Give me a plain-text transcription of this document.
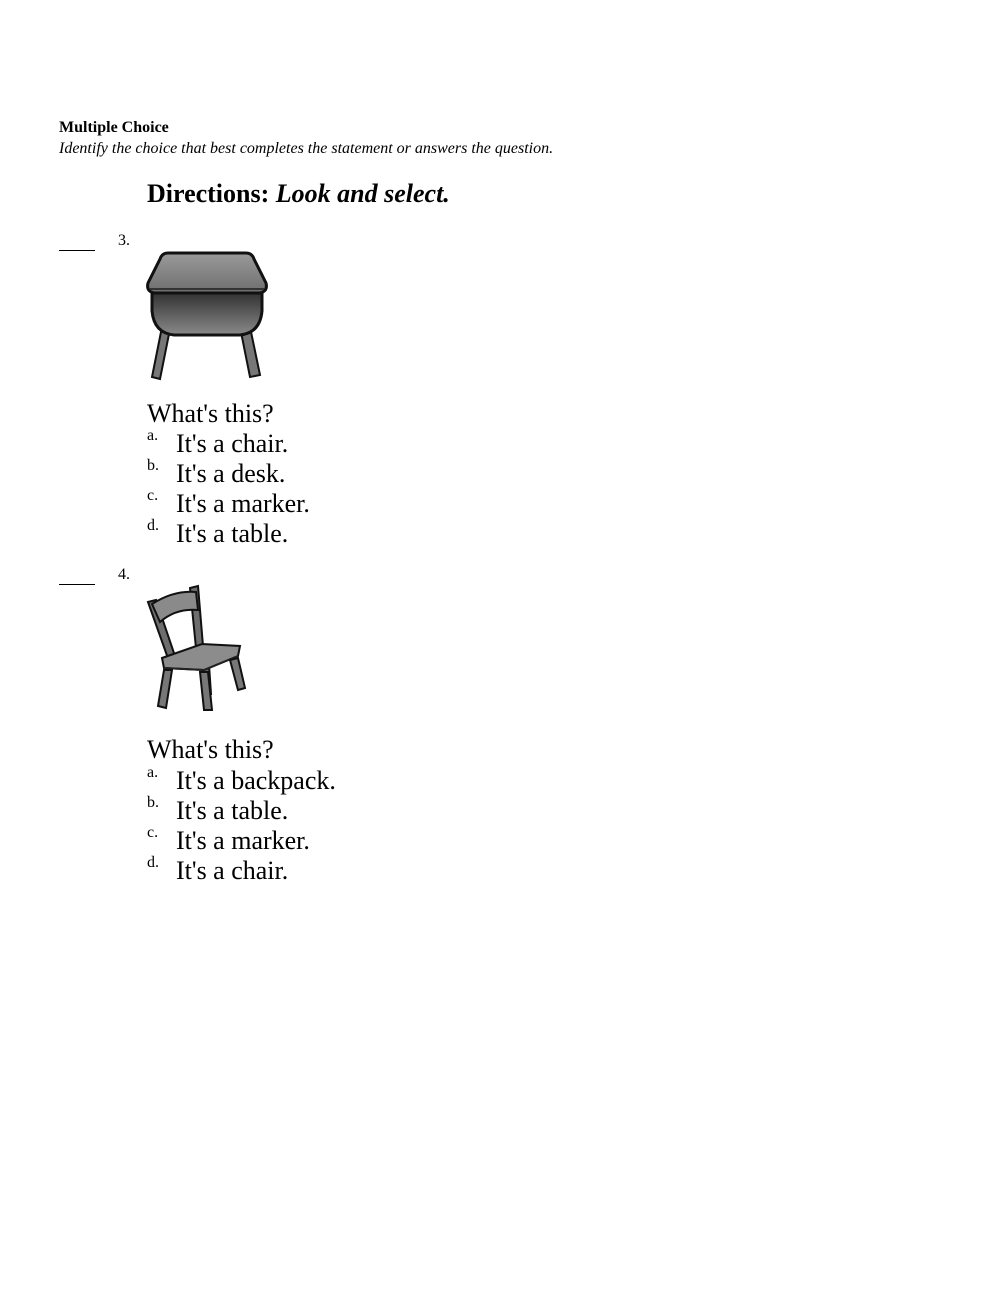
Multiple Choice
Identify the choice that best completes the statement or answers the question.
Directions: Look and select.
3.
What's this?
a. It's a chair.
b. It's a desk.
c. It's a marker.
d. It's a table.
4.
What's this?
a. It's a backpack.
b. It's a table.
c. It's a marker.
d. It's a chair.
